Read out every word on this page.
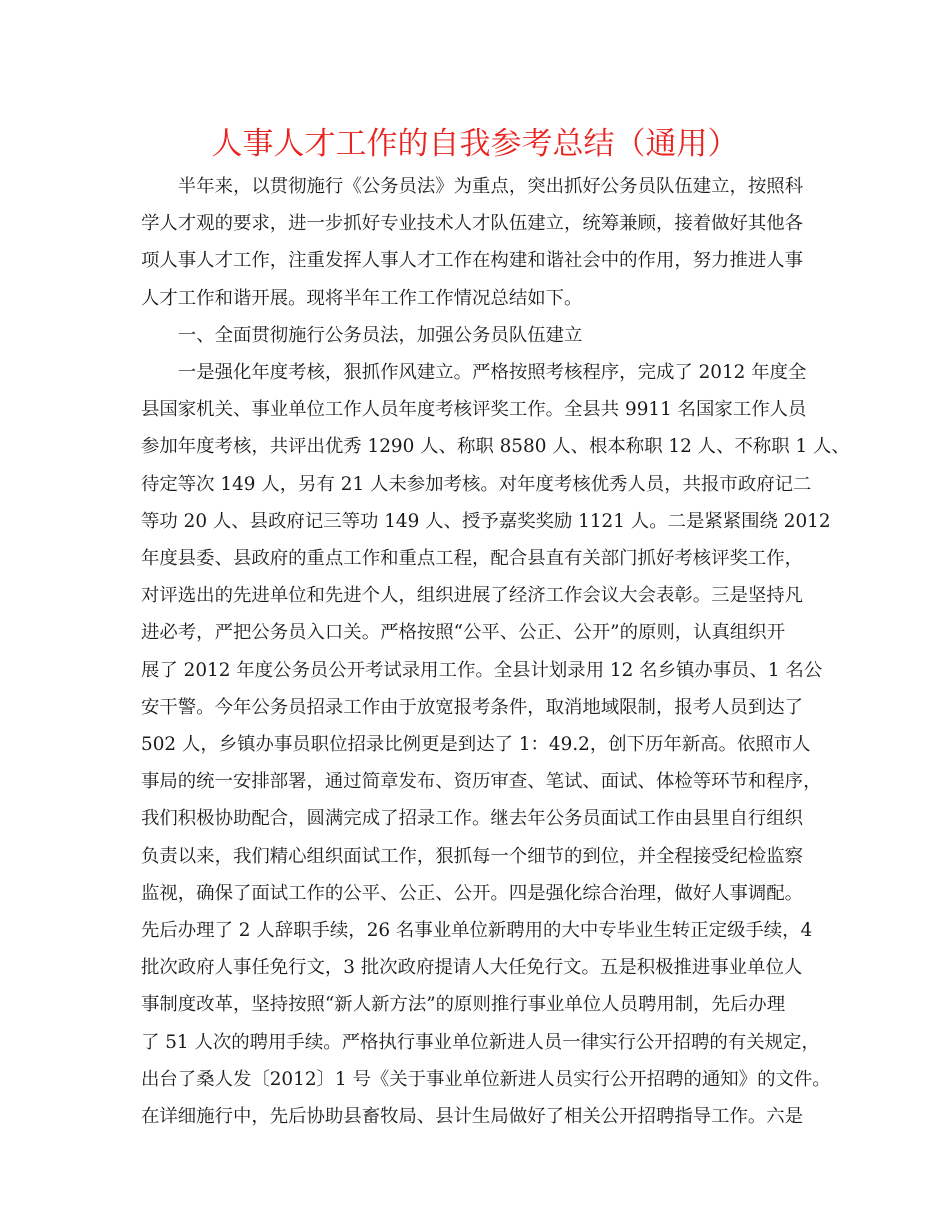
人事人才工作的自我参考总结（通用）
半年来，以贯彻施行《公务员法》为重点，突出抓好公务员队伍建立，按照科
学人才观的要求，进一步抓好专业技术人才队伍建立，统筹兼顾，接着做好其他各
项人事人才工作，注重发挥人事人才工作在构建和谐社会中的作用，努力推进人事
人才工作和谐开展。现将半年工作工作情况总结如下。
一、全面贯彻施行公务员法，加强公务员队伍建立
一是强化年度考核，狠抓作风建立。严格按照考核程序，完成了 2012 年度全
县国家机关、事业单位工作人员年度考核评奖工作。全县共 9911 名国家工作人员
参加年度考核，共评出优秀 1290 人、称职 8580 人、根本称职 12 人、不称职 1 人、
待定等次 149 人，另有 21 人未参加考核。对年度考核优秀人员，共报市政府记二
等功 20 人、县政府记三等功 149 人、授予嘉奖奖励 1121 人。二是紧紧围绕 2012
年度县委、县政府的重点工作和重点工程，配合县直有关部门抓好考核评奖工作，
对评选出的先进单位和先进个人，组织进展了经济工作会议大会表彰。三是坚持凡
进必考，严把公务员入口关。严格按照“公平、公正、公开”的原则，认真组织开
展了 2012 年度公务员公开考试录用工作。全县计划录用 12 名乡镇办事员、1 名公
安干警。今年公务员招录工作由于放宽报考条件，取消地域限制，报考人员到达了
502 人，乡镇办事员职位招录比例更是到达了 1：49.2，创下历年新高。依照市人
事局的统一安排部署，通过简章发布、资历审查、笔试、面试、体检等环节和程序，
我们积极协助配合，圆满完成了招录工作。继去年公务员面试工作由县里自行组织
负责以来，我们精心组织面试工作，狠抓每一个细节的到位，并全程接受纪检监察
监视，确保了面试工作的公平、公正、公开。四是强化综合治理，做好人事调配。
先后办理了 2 人辞职手续，26 名事业单位新聘用的大中专毕业生转正定级手续，4
批次政府人事任免行文，3 批次政府提请人大任免行文。五是积极推进事业单位人
事制度改革，坚持按照“新人新方法”的原则推行事业单位人员聘用制，先后办理
了 51 人次的聘用手续。严格执行事业单位新进人员一律实行公开招聘的有关规定，
出台了桑人发〔2012〕1 号《关于事业单位新进人员实行公开招聘的通知》的文件。
在详细施行中，先后协助县畜牧局、县计生局做好了相关公开招聘指导工作。六是
